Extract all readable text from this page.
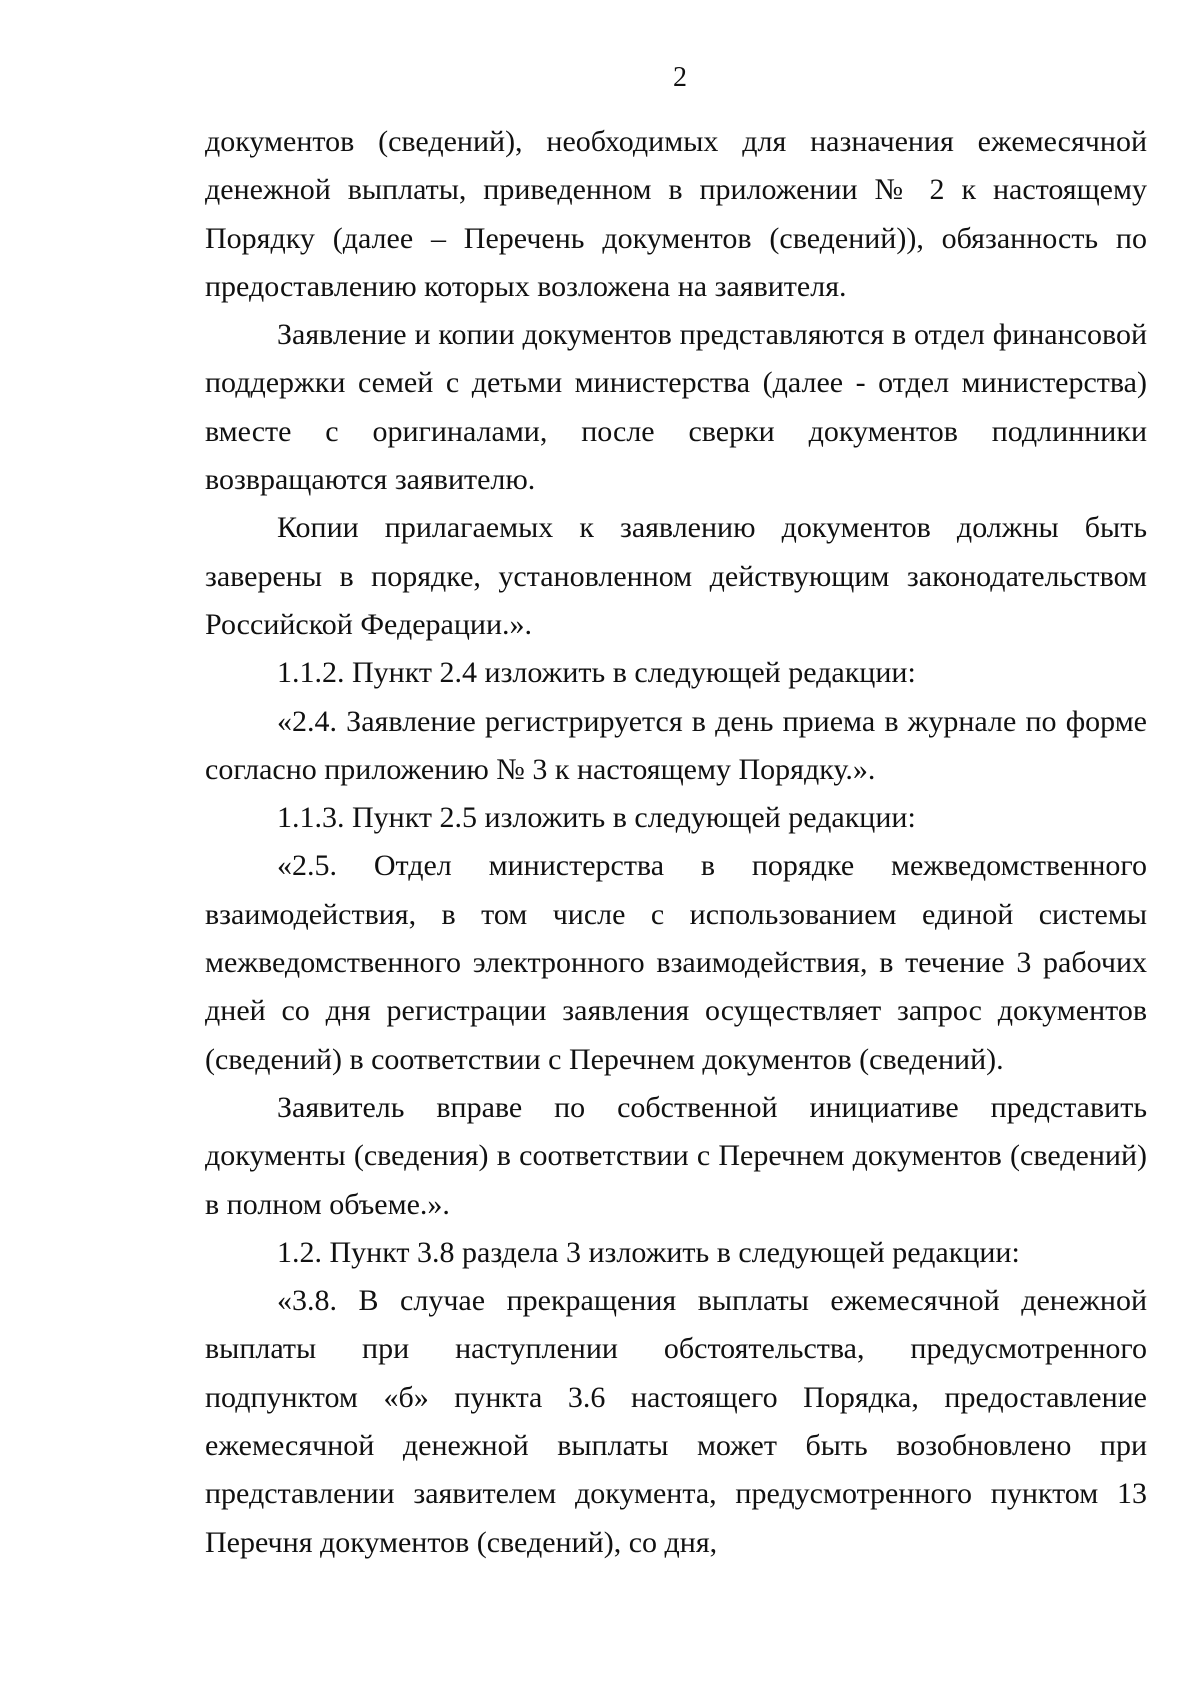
2

документов (сведений), необходимых для назначения ежемесячной денежной выплаты, приведенном в приложении № 2 к настоящему Порядку (далее – Перечень документов (сведений)), обязанность по предоставлению которых возложена на заявителя.

Заявление и копии документов представляются в отдел финансовой поддержки семей с детьми министерства (далее - отдел министерства) вместе с оригиналами, после сверки документов подлинники возвращаются заявителю.

Копии прилагаемых к заявлению документов должны быть заверены в порядке, установленном действующим законодательством Российской Федерации.».

1.1.2. Пункт 2.4 изложить в следующей редакции:

«2.4. Заявление регистрируется в день приема в журнале по форме согласно приложению № 3 к настоящему Порядку.».

1.1.3. Пункт 2.5 изложить в следующей редакции:

«2.5. Отдел министерства в порядке межведомственного взаимодействия, в том числе с использованием единой системы межведомственного электронного взаимодействия, в течение 3 рабочих дней со дня регистрации заявления осуществляет запрос документов (сведений) в соответствии с Перечнем документов (сведений).

Заявитель вправе по собственной инициативе представить документы (сведения) в соответствии с Перечнем документов (сведений) в полном объеме.».

1.2. Пункт 3.8 раздела 3 изложить в следующей редакции:

«3.8. В случае прекращения выплаты ежемесячной денежной выплаты при наступлении обстоятельства, предусмотренного подпунктом «б» пункта 3.6 настоящего Порядка, предоставление ежемесячной денежной выплаты может быть возобновлено при представлении заявителем документа, предусмотренного пунктом 13 Перечня документов (сведений), со дня,
